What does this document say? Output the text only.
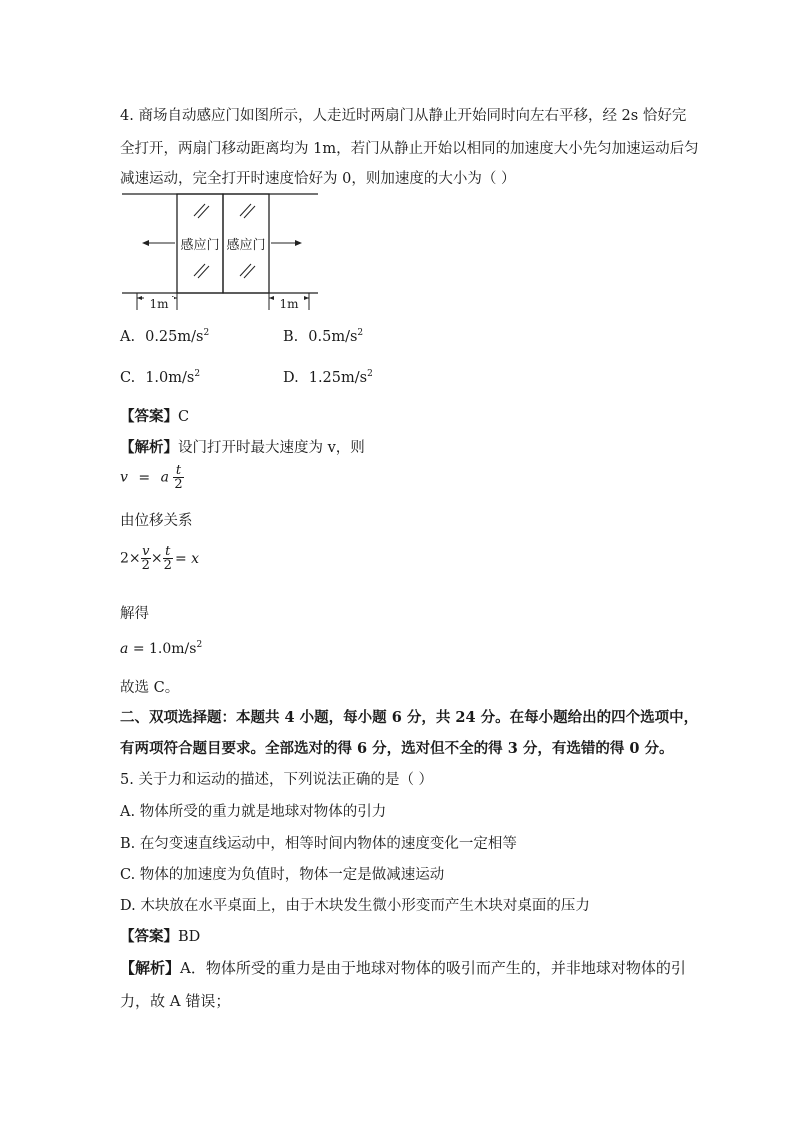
4. 商场自动感应门如图所示，人走近时两扇门从静止开始同时向左右平移，经 2s 恰好完
全打开，两扇门移动距离均为 1m，若门从静止开始以相同的加速度大小先匀加速运动后匀
减速运动，完全打开时速度恰好为 0，则加速度的大小为（ ）
感应门 感应门
1m	1m
A. $0.25m/s^2$	B. $0.5m/s^2$
C. $1.0m/s^2$	D. $1.25m/s^2$
【答案】C
【解析】设门打开时最大速度为 v，则
v = a $\frac{t}{2}$
由位移关系
$2\times \frac{v}{2} \times \frac{t}{2} = x$
解得
$a = 1.0m/s^2$
故选 C。
二、双项选择题：本题共 4 小题，每小题 6 分，共 24 分。在每小题给出的四个选项中，
有两项符合题目要求。全部选对的得 6 分，选对但不全的得 3 分，有选错的得 0 分。
5. 关于力和运动的描述，下列说法正确的是（ ）
A. 物体所受的重力就是地球对物体的引力
B. 在匀变速直线运动中，相等时间内物体的速度变化一定相等
C. 物体的加速度为负值时，物体一定是做减速运动
D. 木块放在水平桌面上，由于木块发生微小形变而产生木块对桌面的压力
【答案】BD
【解析】A．物体所受的重力是由于地球对物体的吸引而产生的，并非地球对物体的引
力，故 A 错误；
